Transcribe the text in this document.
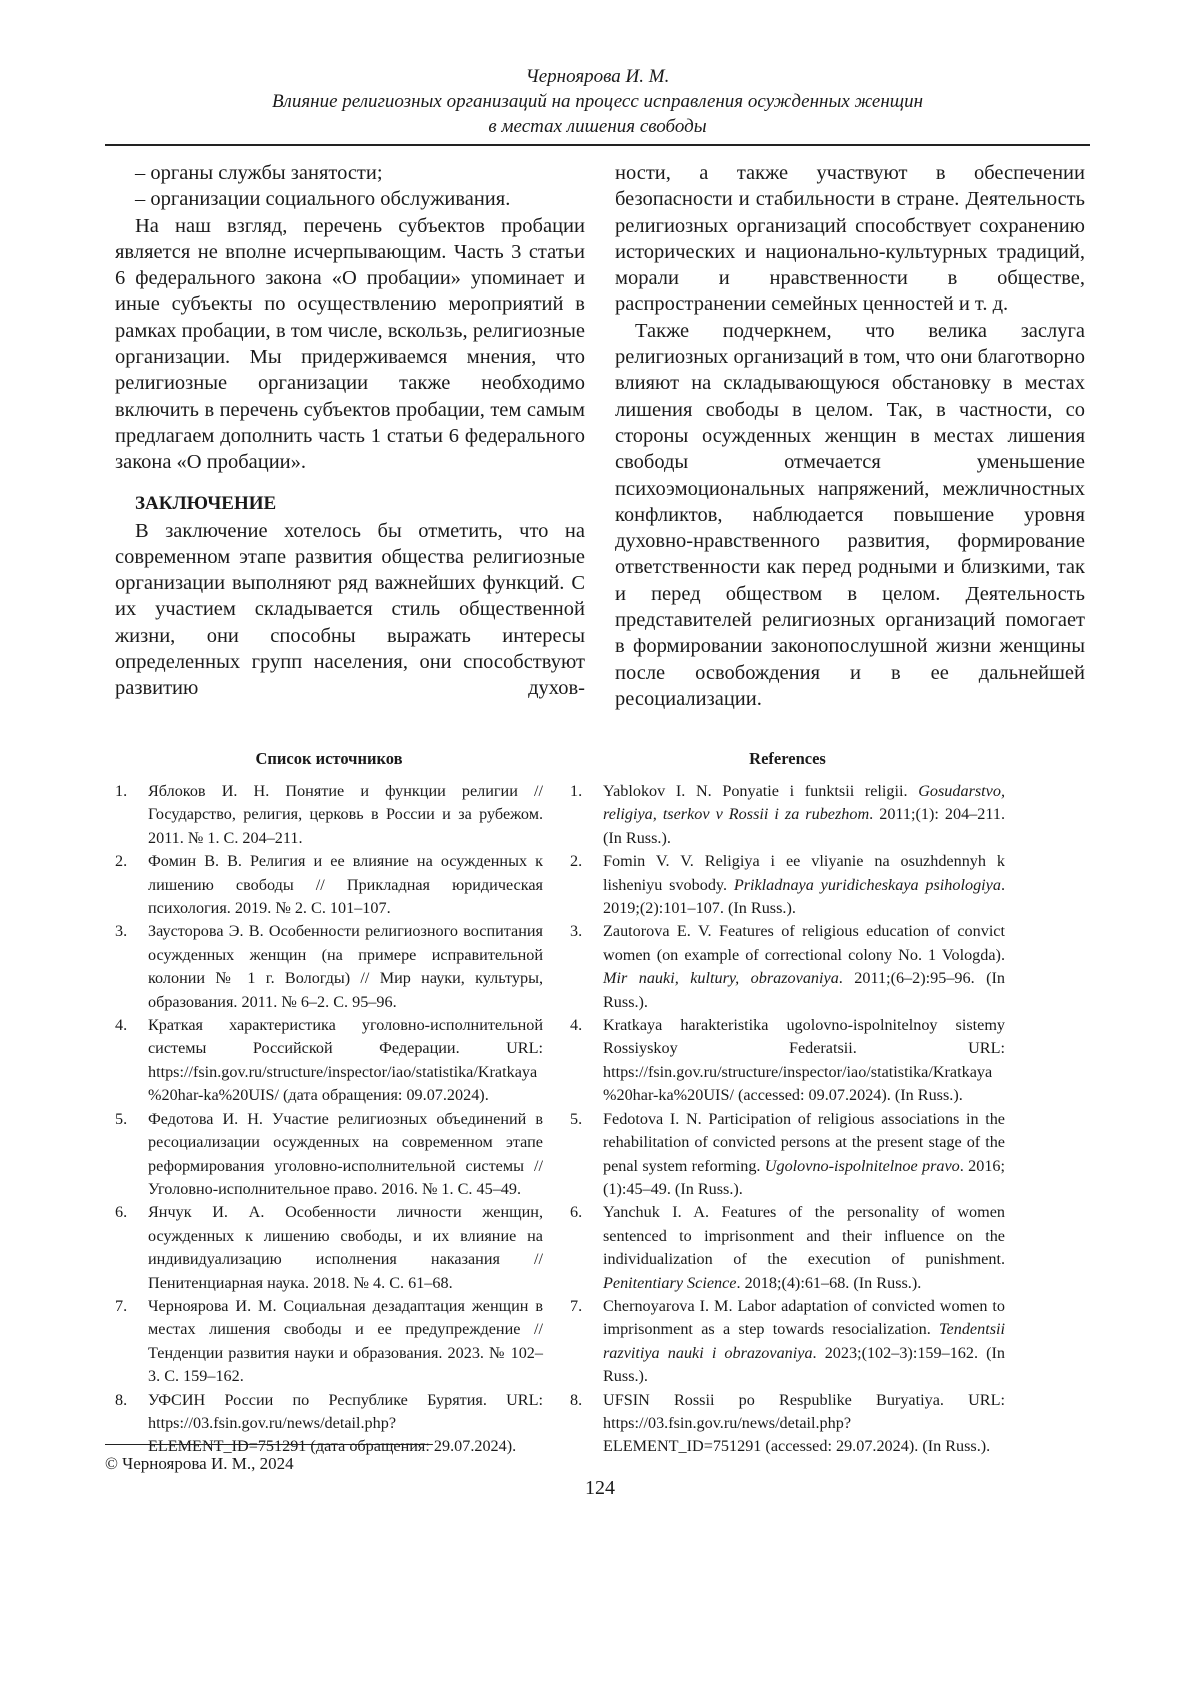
Черноярова И. М.
Влияние религиозных организаций на процесс исправления осужденных женщин
в местах лишения свободы

– органы службы занятости;

– организации социального обслуживания.

На наш взгляд, перечень субъектов пробации является не вполне исчерпывающим. Часть 3 статьи 6 федерального закона «О пробации» упоминает и иные субъекты по осуществлению мероприятий в рамках пробации, в том числе, вскользь, религиозные организации. Мы придерживаемся мнения, что религиозные организации также необходимо включить в перечень субъектов пробации, тем самым предлагаем дополнить часть 1 статьи 6 федерального закона «О пробации».

ЗАКЛЮЧЕНИЕ

В заключение хотелось бы отметить, что на современном этапе развития общества религиозные организации выполняют ряд важнейших функций. С их участием складывается стиль общественной жизни, они способны выражать интересы определенных групп населения, они способствуют развитию духов-

ности, а также участвуют в обеспечении безопасности и стабильности в стране. Деятельность религиозных организаций способствует сохранению исторических и национально-культурных традиций, морали и нравственности в обществе, распространении семейных ценностей и т. д.

Также подчеркнем, что велика заслуга религиозных организаций в том, что они благотворно влияют на складывающуюся обстановку в местах лишения свободы в целом. Так, в частности, со стороны осужденных женщин в местах лишения свободы отмечается уменьшение психоэмоциональных напряжений, межличностных конфликтов, наблюдается повышение уровня духовно-нравственного развития, формирование ответственности как перед родными и близкими, так и перед обществом в целом. Деятельность представителей религиозных организаций помогает в формировании законопослушной жизни женщины после освобождения и в ее дальнейшей ресоциализации.

Список источников
1.	Яблоков И. Н. Понятие и функции религии // Государство, религия, церковь в России и за рубежом. 2011. № 1. С. 204–211.
2.	Фомин В. В. Религия и ее влияние на осужденных к лишению свободы // Прикладная юридическая психология. 2019. № 2. С. 101–107.
3.	Заусторова Э. В. Особенности религиозного воспитания осужденных женщин (на примере исправительной колонии № 1 г. Вологды) // Мир науки, культуры, образования. 2011. № 6–2. С. 95–96.
4.	Краткая характеристика уголовно-исполнительной системы Российской Федерации. URL: https://fsin.gov.ru/structure/inspector/iao/statistika/Kratkaya%20har-ka%20UIS/ (дата обращения: 09.07.2024).
5.	Федотова И. Н. Участие религиозных объединений в ресоциализации осужденных на современном этапе реформирования уголовно-исполнительной системы // Уголовно-исполнительное право. 2016. № 1. С. 45–49.
6.	Янчук И. А. Особенности личности женщин, осужденных к лишению свободы, и их влияние на индивидуализацию исполнения наказания // Пенитенциарная наука. 2018. № 4. С. 61–68.
7.	Черноярова И. М. Социальная дезадаптация женщин в местах лишения свободы и ее предупреждение // Тенденции развития науки и образования. 2023. № 102–3. С. 159–162.
8.	УФСИН России по Республике Бурятия. URL: https://03.fsin.gov.ru/news/detail.php?ELEMENT_ID=751291 (дата обращения: 29.07.2024).
References
1.	Yablokov I. N. Ponyatie i funktsii religii. Gosudarstvo, religiya, tserkov v Rossii i za rubezhom. 2011;(1): 204–211. (In Russ.).
2.	Fomin V. V. Religiya i ee vliyanie na osuzhdennyh k lisheniyu svobody. Prikladnaya yuridicheskaya psihologiya. 2019;(2):101–107. (In Russ.).
3.	Zautorova E. V. Features of religious education of convict women (on example of correctional colony No. 1 Vologda). Mir nauki, kultury, obrazovaniya. 2011;(6–2):95–96. (In Russ.).
4.	Kratkaya harakteristika ugolovno-ispolnitelnoy sistemy Rossiyskoy Federatsii. URL: https://fsin.gov.ru/structure/inspector/iao/statistika/Kratkaya%20har-ka%20UIS/ (accessed: 09.07.2024). (In Russ.).
5.	Fedotova I. N. Participation of religious associations in the rehabilitation of convicted persons at the present stage of the penal system reforming. Ugolovno-ispolnitelnoe pravo. 2016;(1):45–49. (In Russ.).
6.	Yanchuk I. A. Features of the personality of women sentenced to imprisonment and their influence on the individualization of the execution of punishment. Penitentiary Science. 2018;(4):61–68. (In Russ.).
7.	Chernoyarova I. M. Labor adaptation of convicted women to imprisonment as a step towards resocialization. Tendentsii razvitiya nauki i obrazovaniya. 2023;(102–3):159–162. (In Russ.).
8.	UFSIN Rossii po Respublike Buryatiya. URL: https://03.fsin.gov.ru/news/detail.php?ELEMENT_ID=751291 (accessed: 29.07.2024). (In Russ.).
© Черноярова И. М., 2024
124
